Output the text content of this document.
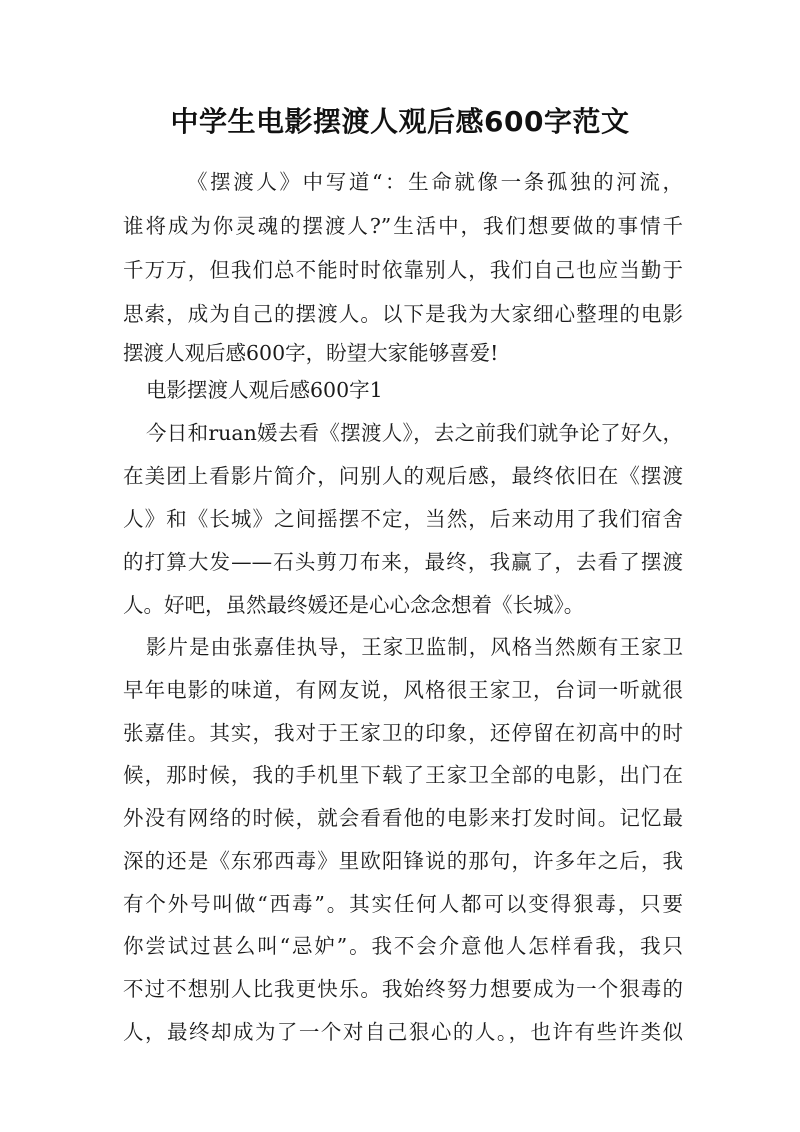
中学生电影摆渡人观后感600字范文
《摆渡人》中写道“：生命就像一条孤独的河流，
谁将成为你灵魂的摆渡人?”生活中，我们想要做的事情千
千万万，但我们总不能时时依靠别人，我们自己也应当勤于
思索，成为自己的摆渡人。以下是我为大家细心整理的电影
摆渡人观后感600字，盼望大家能够喜爱!
电影摆渡人观后感600字1
今日和ruan媛去看《摆渡人》，去之前我们就争论了好久，
在美团上看影片简介，问别人的观后感，最终依旧在《摆渡
人》和《长城》之间摇摆不定，当然，后来动用了我们宿舍
的打算大发——石头剪刀布来，最终，我赢了，去看了摆渡
人。好吧，虽然最终媛还是心心念念想着《长城》。
影片是由张嘉佳执导，王家卫监制，风格当然颇有王家卫
早年电影的味道，有网友说，风格很王家卫，台词一听就很
张嘉佳。其实，我对于王家卫的印象，还停留在初高中的时
候，那时候，我的手机里下载了王家卫全部的电影，出门在
外没有网络的时候，就会看看他的电影来打发时间。记忆最
深的还是《东邪西毒》里欧阳锋说的那句，许多年之后，我
有个外号叫做“西毒”。其实任何人都可以变得狠毒，只要
你尝试过甚么叫“忌妒”。我不会介意他人怎样看我，我只
不过不想别人比我更快乐。我始终努力想要成为一个狠毒的
人，最终却成为了一个对自己狠心的人。，也许有些许类似
